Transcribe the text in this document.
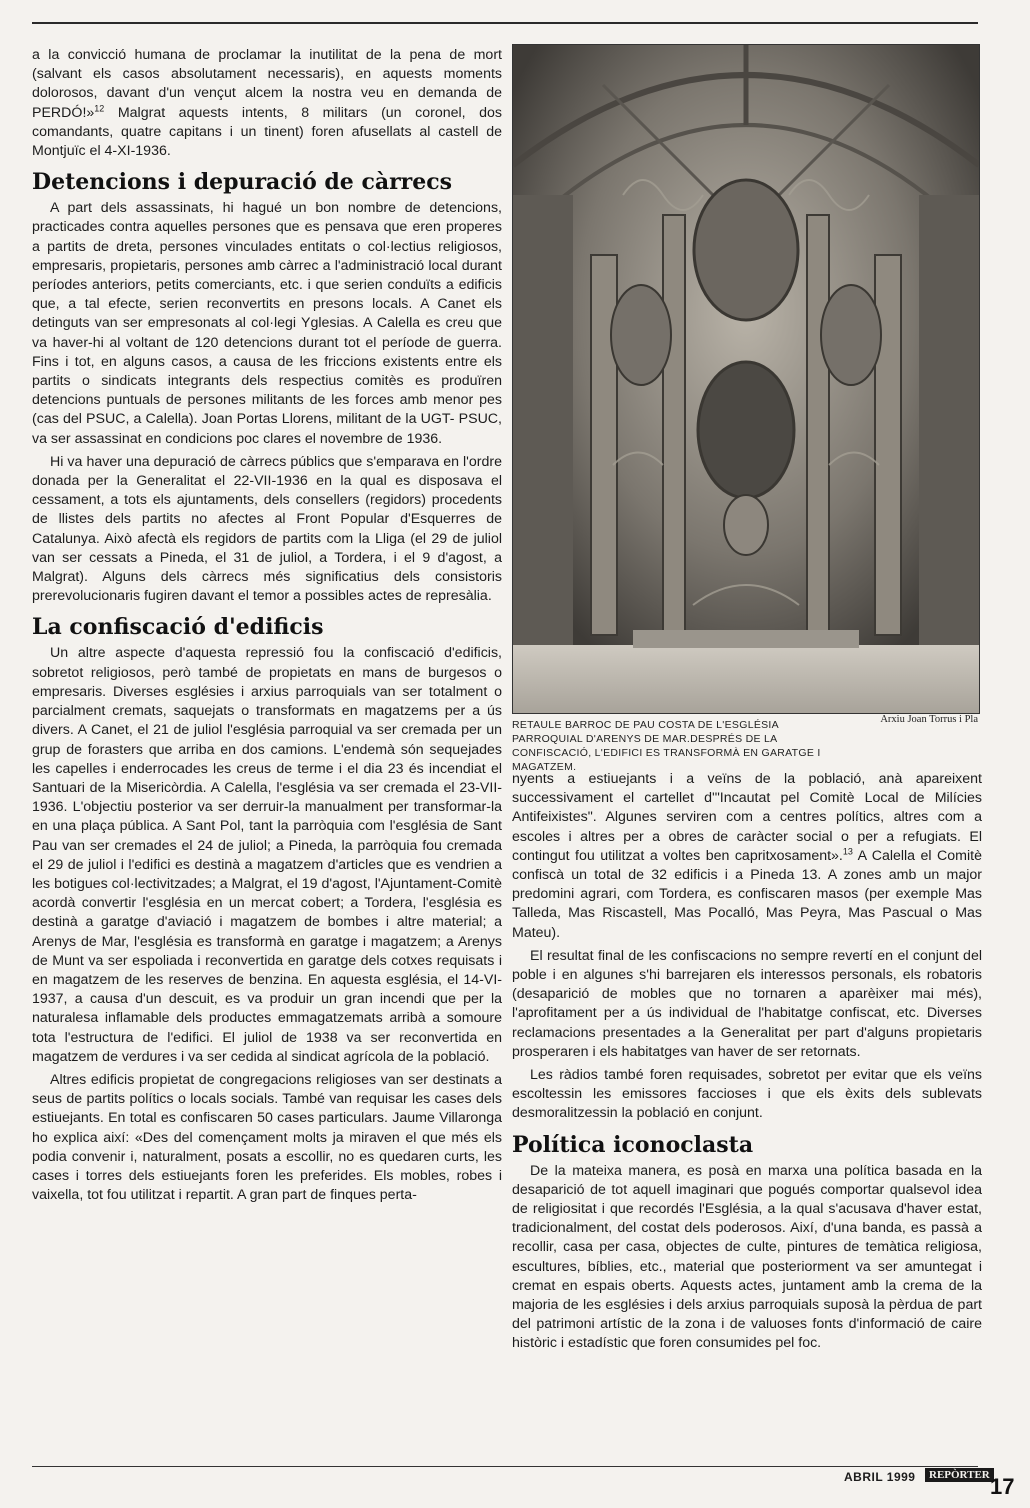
a la convicció humana de proclamar la inutilitat de la pena de mort (salvant els casos absolutament necessaris), en aquests moments dolorosos, davant d'un vençut alcem la nostra veu en demanda de PERDÓ!»$^{12}$ Malgrat aquests intents, 8 militars (un coronel, dos comandants, quatre capitans i un tinent) foren afusellats al castell de Montjuïc el 4-XI-1936.

Detencions i depuració de càrrecs

A part dels assassinats, hi hagué un bon nombre de detencions, practicades contra aquelles persones que es pensava que eren properes a partits de dreta, persones vinculades entitats o col·lectius religiosos, empresaris, propietaris, persones amb càrrec a l'administració local durant períodes anteriors, petits comerciants, etc. i que serien conduïts a edificis que, a tal efecte, serien reconvertits en presons locals. A Canet els detinguts van ser empresonats al col·legi Yglesias. A Calella es creu que va haver-hi al voltant de 120 detencions durant tot el període de guerra. Fins i tot, en alguns casos, a causa de les friccions existents entre els partits o sindicats integrants dels respectius comitès es produïren detencions puntuals de persones militants de les forces amb menor pes (cas del PSUC, a Calella). Joan Portas Llorens, militant de la UGT- PSUC, va ser assassinat en condicions poc clares el novembre de 1936.

Hi va haver una depuració de càrrecs públics que s'emparava en l'ordre donada per la Generalitat el 22-VII-1936 en la qual es disposava el cessament, a tots els ajuntaments, dels consellers (regidors) procedents de llistes dels partits no afectes al Front Popular d'Esquerres de Catalunya. Això afectà els regidors de partits com la Lliga (el 29 de juliol van ser cessats a Pineda, el 31 de juliol, a Tordera, i el 9 d'agost, a Malgrat). Alguns dels càrrecs més significatius dels consistoris prerevolucionaris fugiren davant el temor a possibles actes de represàlia.

La confiscació d'edificis

Un altre aspecte d'aquesta repressió fou la confiscació d'edificis, sobretot religiosos, però també de propietats en mans de burgesos o empresaris. Diverses esglésies i arxius parroquials van ser totalment o parcialment cremats, saquejats o transformats en magatzems per a ús divers. A Canet, el 21 de juliol l'església parroquial va ser cremada per un grup de forasters que arriba en dos camions. L'endemà són sequejades les capelles i enderrocades les creus de terme i el dia 23 és incendiat el Santuari de la Misericòrdia. A Calella, l'església va ser cremada el 23-VII-1936. L'objectiu posterior va ser derruir-la manualment per transformar-la en una plaça pública. A Sant Pol, tant la parròquia com l'església de Sant Pau van ser cremades el 24 de juliol; a Pineda, la parròquia fou cremada el 29 de juliol i l'edifici es destinà a magatzem d'articles que es vendrien a les botigues col·lectivitzades; a Malgrat, el 19 d'agost, l'Ajuntament-Comitè acordà convertir l'església en un mercat cobert; a Tordera, l'església es destinà a garatge d'aviació i magatzem de bombes i altre material; a Arenys de Mar, l'església es transformà en garatge i magatzem; a Arenys de Munt va ser espoliada i reconvertida en garatge dels cotxes requisats i en magatzem de les reserves de benzina. En aquesta església, el 14-VI-1937, a causa d'un descuit, es va produir un gran incendi que per la naturalesa inflamable dels productes emmagatzemats arribà a somoure tota l'estructura de l'edifici. El juliol de 1938 va ser reconvertida en magatzem de verdures i va ser cedida al sindicat agrícola de la població.

Altres edificis propietat de congregacions religioses van ser destinats a seus de partits polítics o locals socials. També van requisar les cases dels estiuejants. En total es confiscaren 50 cases particulars. Jaume Villaronga ho explica així: «Des del començament molts ja miraven el que més els podia convenir i, naturalment, posats a escollir, no es quedaren curts, les cases i torres dels estiuejants foren les preferides. Els mobles, robes i vaixella, tot fou utilitzat i repartit. A gran part de finques perta-

nyents a estiuejants i a veïns de la població, anà apareixent successivament el cartellet d'"Incautat pel Comitè Local de Milícies Antifeixistes". Algunes serviren com a centres polítics, altres com a escoles i altres per a obres de caràcter social o per a refugiats. El contingut fou utilitzat a voltes ben capritxosament».$^{13}$ A Calella el Comitè confiscà un total de 32 edificis i a Pineda 13. A zones amb un major predomini agrari, com Tordera, es confiscaren masos (per exemple Mas Talleda, Mas Riscastell, Mas Pocalló, Mas Peyra, Mas Pascual o Mas Mateu).

El resultat final de les confiscacions no sempre revertí en el conjunt del poble i en algunes s'hi barrejaren els interessos personals, els robatoris (desaparició de mobles que no tornaren a aparèixer mai més), l'aprofitament per a ús individual de l'habitatge confiscat, etc. Diverses reclamacions presentades a la Generalitat per part d'alguns propietaris prosperaren i els habitatges van haver de ser retornats.

Les ràdios també foren requisades, sobretot per evitar que els veïns escoltessin les emissores faccioses i que els èxits dels sublevats desmoralitzessin la població en conjunt.

Política iconoclasta

De la mateixa manera, es posà en marxa una política basada en la desaparició de tot aquell imaginari que pogués comportar qualsevol idea de religiositat i que recordés l'Església, a la qual s'acusava d'haver estat, tradicionalment, del costat dels poderosos. Així, d'una banda, es passà a recollir, casa per casa, objectes de culte, pintures de temàtica religiosa, escultures, bíblies, etc., material que posteriorment va ser amuntegat i cremat en espais oberts. Aquests actes, juntament amb la crema de la majoria de les esglésies i dels arxius parroquials suposà la pèrdua de part del patrimoni artístic de la zona i de valuoses fonts d'informació de caire històric i estadístic que foren consumides pel foc.

RETAULE BARROC DE PAU COSTA DE L'ESGLÉSIA PARROQUIAL D'ARENYS DE MAR.DESPRÉS DE LA CONFISCACIÓ, L'EDIFICI ES TRANSFORMÀ EN GARATGE I MAGATZEM.
Arxiu Joan Torrus i Pla
ABRIL 1999	REPÒRTER 17
